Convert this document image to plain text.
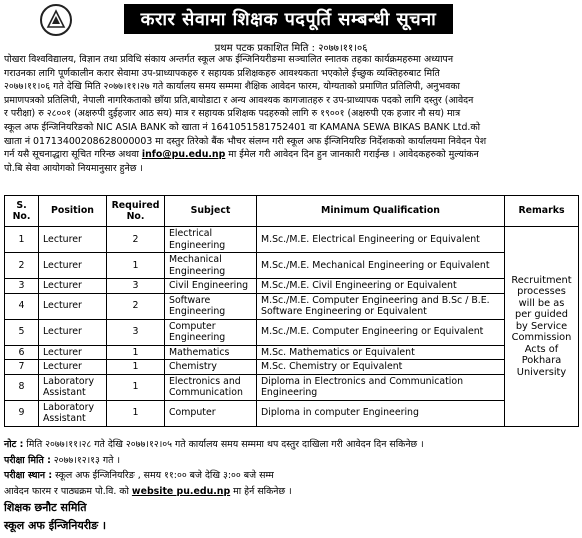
करार सेवामा शिक्षक पदपूर्ति सम्बन्धी सूचना
प्रथम पटक प्रकाशित मिति : २०७७।११।०६
पोखरा विश्वविद्यालय, विज्ञान तथा प्रविधि संकाय अन्तर्गत स्कूल अफ ईन्जिनियरीङमा सञ्चालित स्नातक तहका कार्यक्रमहरुमा अध्यापन
गराउनका लागि पूर्णकालीन करार सेवामा उप-प्राध्यापकहरु र सहायक प्रशिक्षकहरु आवश्यकता भएकोले ईच्छुक व्यक्तिहरुबाट मिति
२०७७।११।०६ गते देखि मिति २०७७।११।२७ गते कार्यालय समय सम्ममा शैक्षिक आवेदन फारम, योग्यताको प्रमाणित प्रतिलिपी, अनुभवका
प्रमाणपत्रको प्रतिलिपी, नेपाली नागरिकताको छाँया प्रति,बायोडाटा र अन्य आवश्यक कागजातहरु र उप-प्राध्यापक पदको लागि दस्तुर (आवेदन
र परीक्षा) रु २८००१ (अक्षरुपी दुईहजार आठ सय) मात्र र सहायक प्रशिक्षक पदहरुको लागि रु १९००१ (अक्षरुपी एक हजार नौ सय) मात्र
स्कूल अफ ईन्जिनियरिङको NIC ASIA BANK को खाता नं 1641051581752401 वा KAMANA SEWA BIKAS BANK Ltd.को
खाता नं 01713400208628000003 मा दस्तुर तिरेको बैंक भौचर संलग्न गरी स्कूल अफ ईन्जिनियरिङ निर्देशकको कार्यालयमा निवेदन पेश
गर्न यसै सूचनाद्धारा सूचित गरिन्छ अथवा info@pu.edu.np मा ईमेल गरी आवेदन दिन हुन जानकारी गराईन्छ । आवेदकहरुको मुल्यांकन
पो.बि सेवा आयोगको नियमानुसार हुनेछ ।
S. No.	Position	Required No.	Subject	Minimum Qualification	Remarks
1	Lecturer	2	Electrical Engineering	M.Sc./M.E. Electrical Engineering or Equivalent	Recruitment processes will be as per guided by Service Commission Acts of Pokhara University
2	Lecturer	1	Mechanical Engineering	M.Sc./M.E. Mechanical Engineering or Equivalent	
3	Lecturer	3	Civil Engineering	M.Sc./M.E. Civil Engineering or Equivalent	
4	Lecturer	2	Software Engineering	M.Sc./M.E. Computer Engineering and B.Sc / B.E. Software Engineering or Equivalent	
5	Lecturer	3	Computer Engineering	M.Sc./M.E. Computer Engineering or Equivalent	
6	Lecturer	1	Mathematics	M.Sc. Mathematics or Equivalent	
7	Lecturer	1	Chemistry	M.Sc. Chemistry or Equivalent	
8	Laboratory Assistant	1	Electronics and Communication	Diploma in Electronics and Communication Engineering	
9	Laboratory Assistant	1	Computer	Diploma in computer Engineering	
नोट : मिति २०७७।११।२८ गते देखि २०७७।१२।०५ गते कार्यालय समय सम्ममा थप दस्तुर दाखिला गरी आवेदन दिन सकिनेछ ।
परीक्षा मिति : २०७७।१२।१३ गते ।
परीक्षा स्थान : स्कूल अफ ईन्जिनियरिङ , समय ११:०० बजे देखि ३:०० बजे सम्म
आवेदन फारम र पाठ्यक्रम पो.वि. को website pu.edu.np मा हेर्न सकिनेछ ।
शिक्षक छनौट समिति
स्कूल अफ ईन्जिनियरीङ ।
